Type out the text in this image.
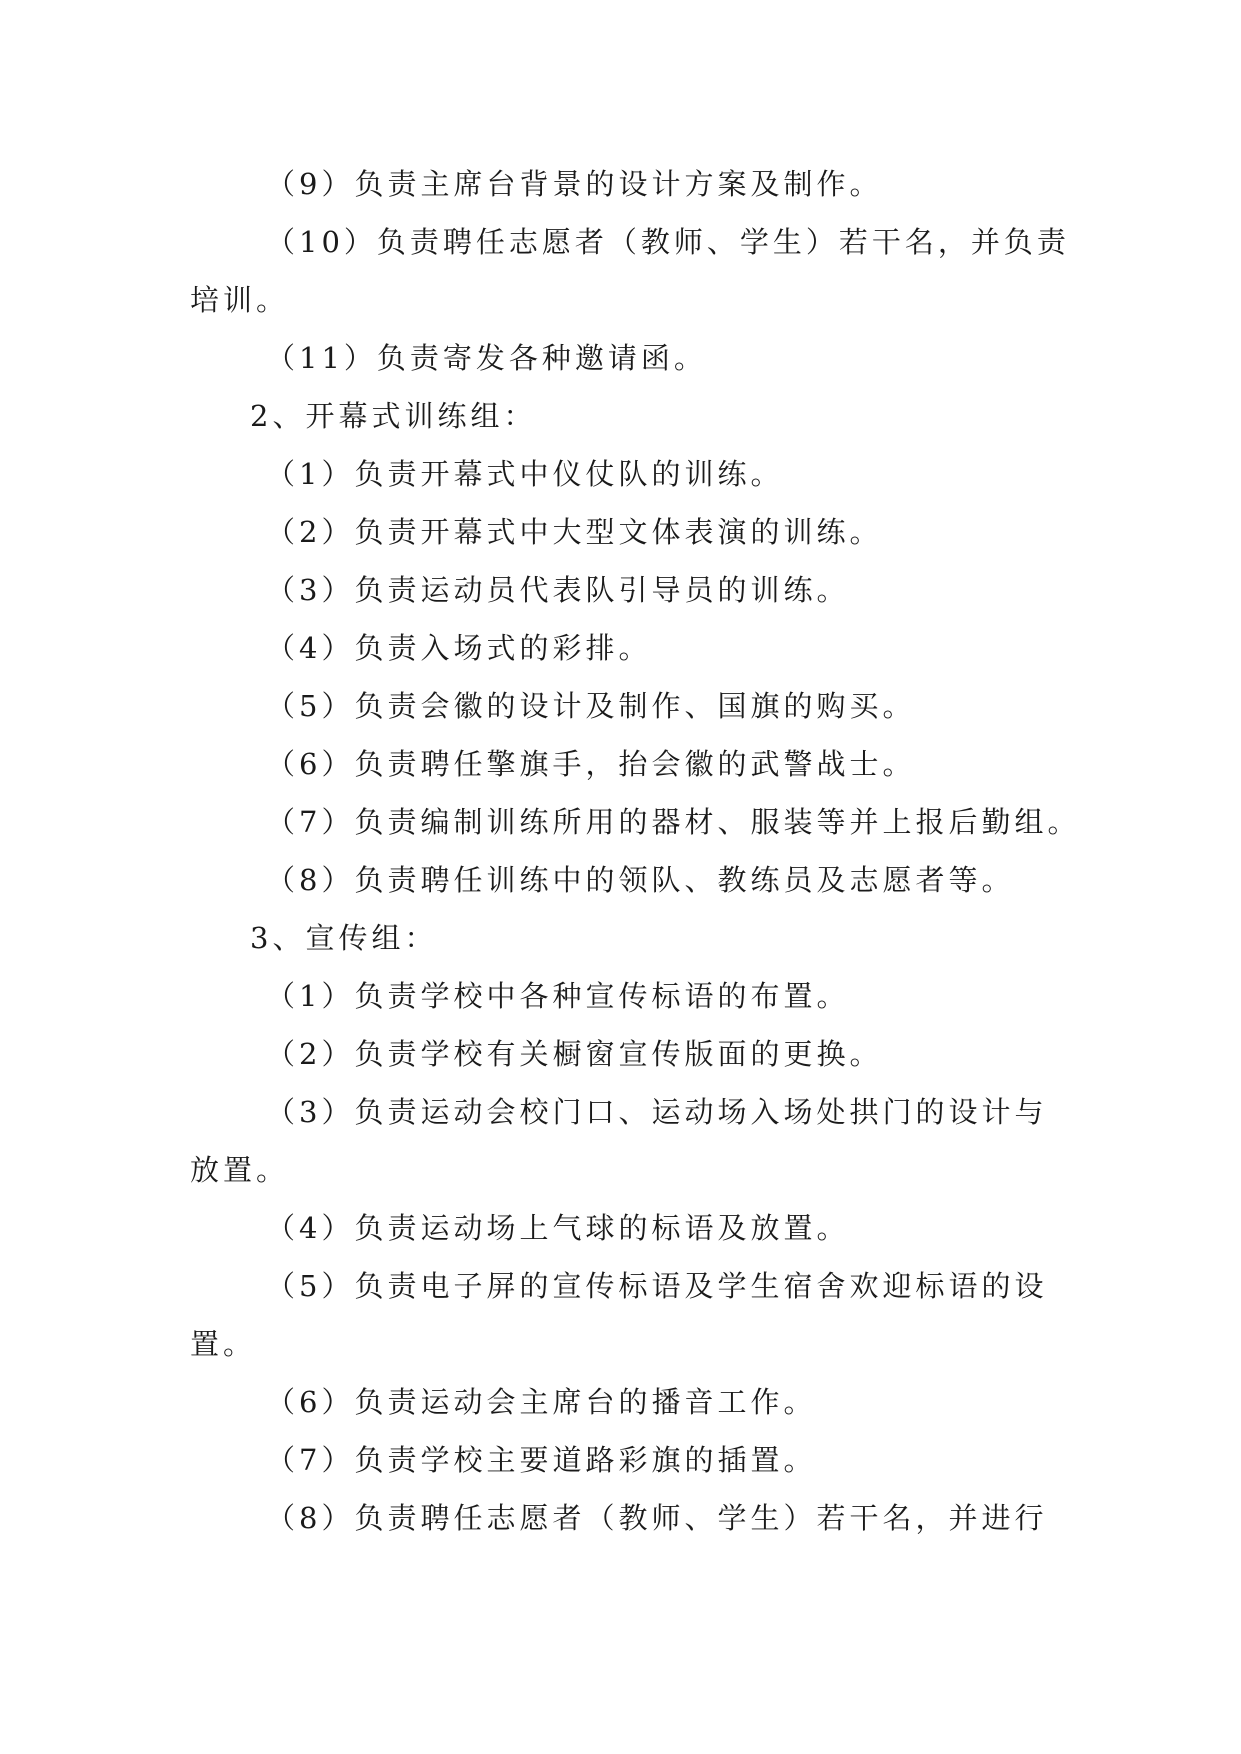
（9）负责主席台背景的设计方案及制作。
（10）负责聘任志愿者（教师、学生）若干名，并负责
培训。
（11）负责寄发各种邀请函。
2、开幕式训练组：
（1）负责开幕式中仪仗队的训练。
（2）负责开幕式中大型文体表演的训练。
（3）负责运动员代表队引导员的训练。
（4）负责入场式的彩排。
（5）负责会徽的设计及制作、国旗的购买。
（6）负责聘任擎旗手，抬会徽的武警战士。
（7）负责编制训练所用的器材、服装等并上报后勤组。
（8）负责聘任训练中的领队、教练员及志愿者等。
3、宣传组：
（1）负责学校中各种宣传标语的布置。
（2）负责学校有关橱窗宣传版面的更换。
（3）负责运动会校门口、运动场入场处拱门的设计与
放置。
（4）负责运动场上气球的标语及放置。
（5）负责电子屏的宣传标语及学生宿舍欢迎标语的设
置。
（6）负责运动会主席台的播音工作。
（7）负责学校主要道路彩旗的插置。
（8）负责聘任志愿者（教师、学生）若干名，并进行
